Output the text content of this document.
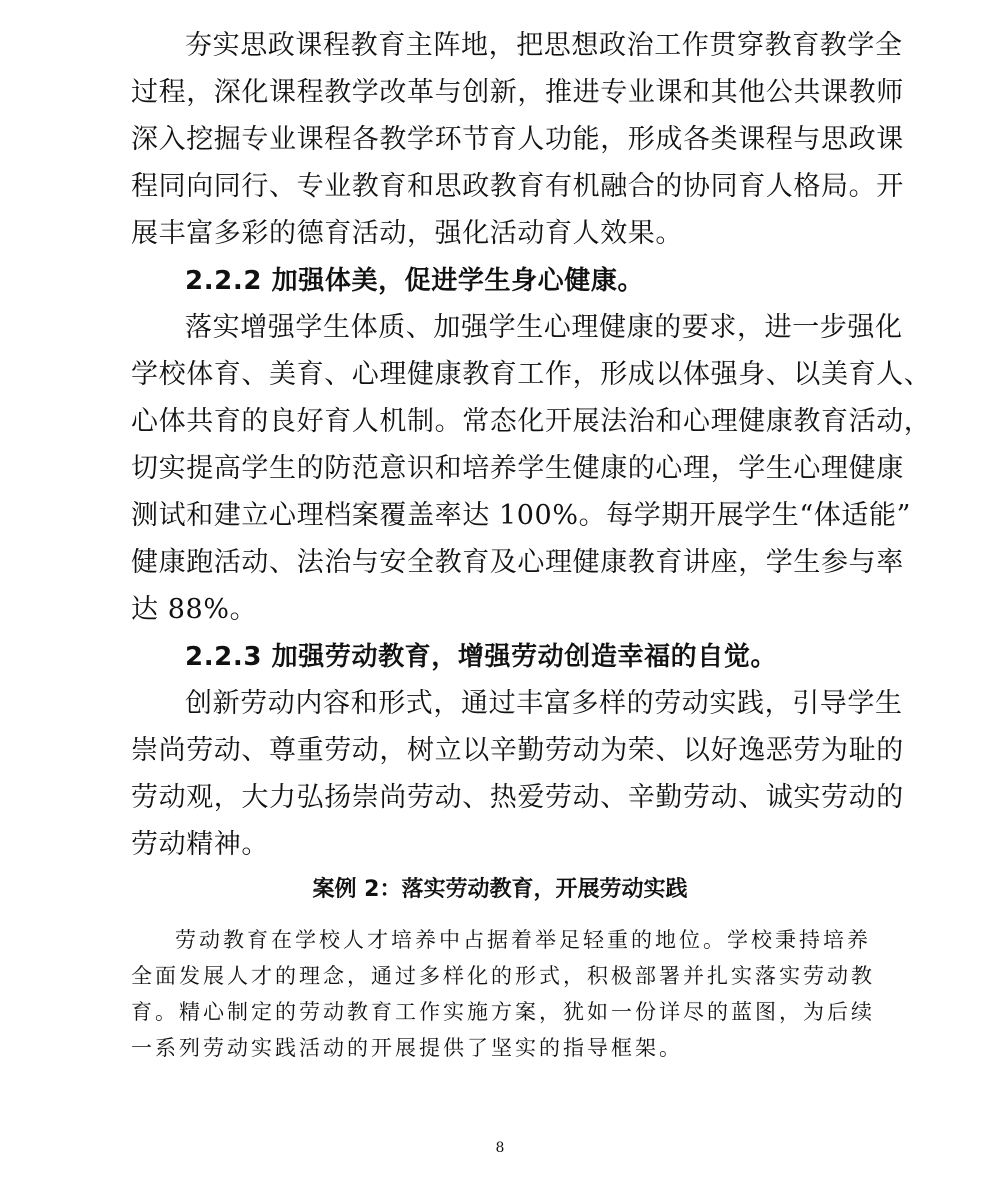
夯实思政课程教育主阵地，把思想政治工作贯穿教育教学全
过程，深化课程教学改革与创新，推进专业课和其他公共课教师
深入挖掘专业课程各教学环节育人功能，形成各类课程与思政课
程同向同行、专业教育和思政教育有机融合的协同育人格局。开
展丰富多彩的德育活动，强化活动育人效果。
2.2.2 加强体美，促进学生身心健康。
落实增强学生体质、加强学生心理健康的要求，进一步强化
学校体育、美育、心理健康教育工作，形成以体强身、以美育人、
心体共育的良好育人机制。常态化开展法治和心理健康教育活动，
切实提高学生的防范意识和培养学生健康的心理，学生心理健康
测试和建立心理档案覆盖率达 100%。每学期开展学生“体适能”
健康跑活动、法治与安全教育及心理健康教育讲座，学生参与率
达 88%。
2.2.3 加强劳动教育，增强劳动创造幸福的自觉。
创新劳动内容和形式，通过丰富多样的劳动实践，引导学生
崇尚劳动、尊重劳动，树立以辛勤劳动为荣、以好逸恶劳为耻的
劳动观，大力弘扬崇尚劳动、热爱劳动、辛勤劳动、诚实劳动的
劳动精神。
案例 2：落实劳动教育，开展劳动实践
劳动教育在学校人才培养中占据着举足轻重的地位。学校秉持培养
全面发展人才的理念，通过多样化的形式，积极部署并扎实落实劳动教
育。精心制定的劳动教育工作实施方案，犹如一份详尽的蓝图，为后续
一系列劳动实践活动的开展提供了坚实的指导框架。
8
